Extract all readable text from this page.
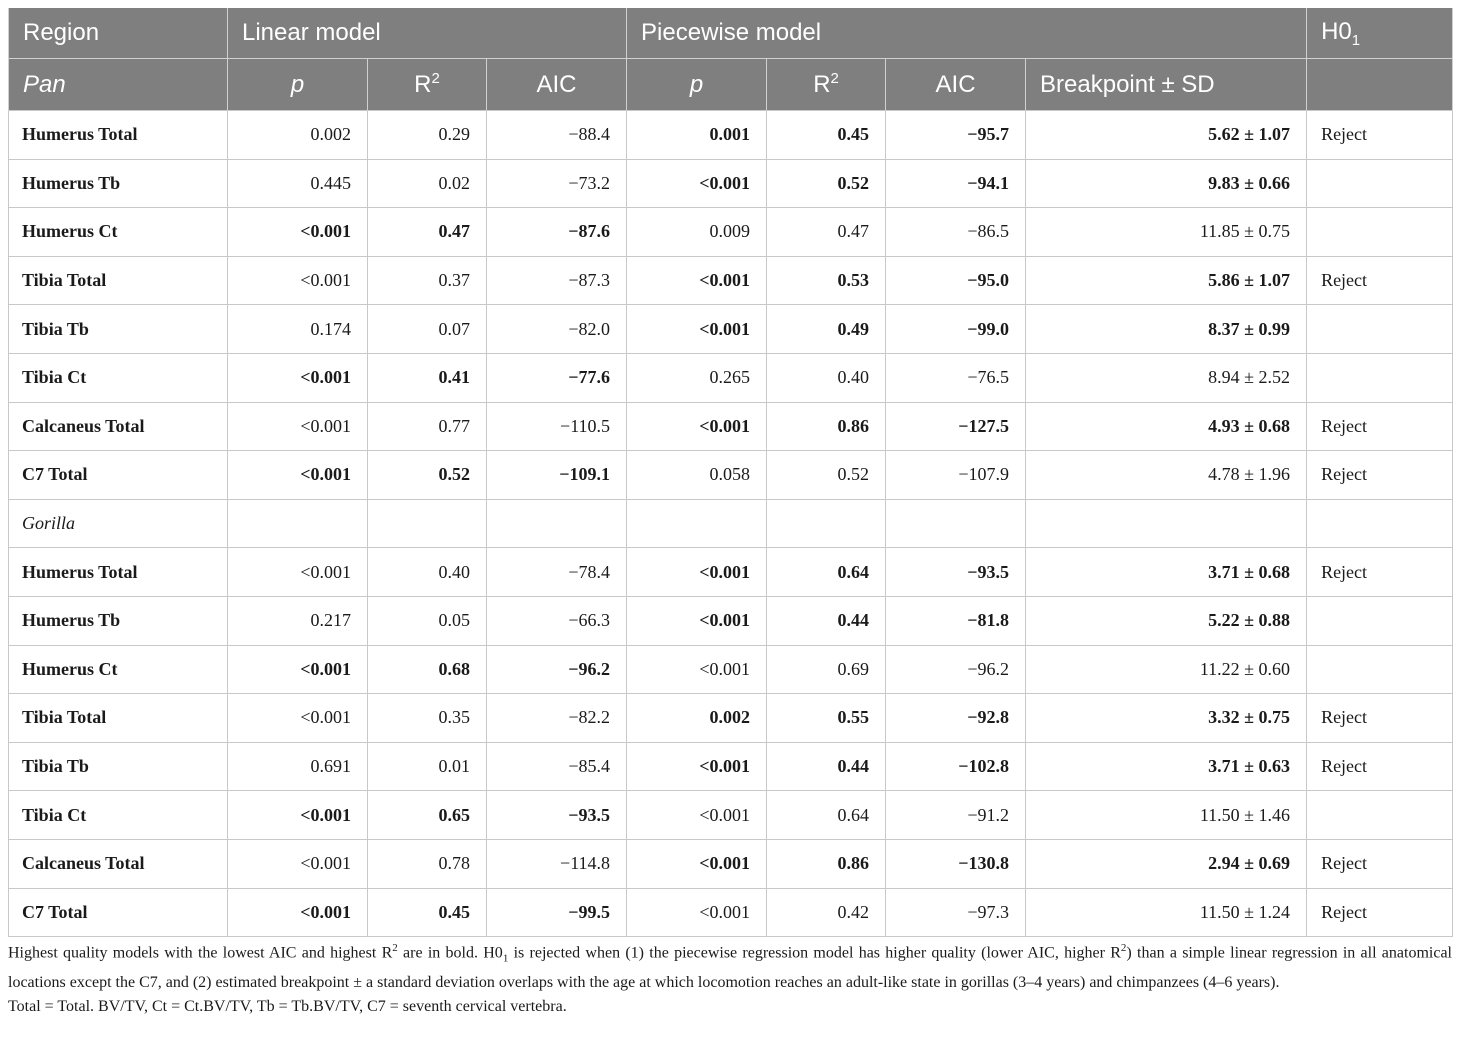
Region	Linear model			Piecewise model				$H0_1$
Pan	p	$R^2$	AIC	p	$R^2$	AIC	Breakpoint ± SD	
Humerus Total	0.002	0.29	−88.4	0.001	0.45	−95.7	5.62 ± 1.07	Reject
Humerus Tb	0.445	0.02	−73.2	<0.001	0.52	−94.1	9.83 ± 0.66	
Humerus Ct	<0.001	0.47	−87.6	0.009	0.47	−86.5	11.85 ± 0.75	
Tibia Total	<0.001	0.37	−87.3	<0.001	0.53	−95.0	5.86 ± 1.07	Reject
Tibia Tb	0.174	0.07	−82.0	<0.001	0.49	−99.0	8.37 ± 0.99	
Tibia Ct	<0.001	0.41	−77.6	0.265	0.40	−76.5	8.94 ± 2.52	
Calcaneus Total	<0.001	0.77	−110.5	<0.001	0.86	−127.5	4.93 ± 0.68	Reject
C7 Total	<0.001	0.52	−109.1	0.058	0.52	−107.9	4.78 ± 1.96	Reject
Gorilla								
Humerus Total	<0.001	0.40	−78.4	<0.001	0.64	−93.5	3.71 ± 0.68	Reject
Humerus Tb	0.217	0.05	−66.3	<0.001	0.44	−81.8	5.22 ± 0.88	
Humerus Ct	<0.001	0.68	−96.2	<0.001	0.69	−96.2	11.22 ± 0.60	
Tibia Total	<0.001	0.35	−82.2	0.002	0.55	−92.8	3.32 ± 0.75	Reject
Tibia Tb	0.691	0.01	−85.4	<0.001	0.44	−102.8	3.71 ± 0.63	Reject
Tibia Ct	<0.001	0.65	−93.5	<0.001	0.64	−91.2	11.50 ± 1.46	
Calcaneus Total	<0.001	0.78	−114.8	<0.001	0.86	−130.8	2.94 ± 0.69	Reject
C7 Total	<0.001	0.45	−99.5	<0.001	0.42	−97.3	11.50 ± 1.24	Reject

Highest quality models with the lowest AIC and highest $R^2$ are in bold. $H0_1$ is rejected when (1) the piecewise regression model has higher quality (lower AIC, higher $R^2$) than a simple linear regression in all anatomical locations except the C7, and (2) estimated breakpoint ± a standard deviation overlaps with the age at which locomotion reaches an adult-like state in gorillas (3–4 years) and chimpanzees (4–6 years).

Total = Total. BV/TV, Ct = Ct.BV/TV, Tb = Tb.BV/TV, C7 = seventh cervical vertebra.
